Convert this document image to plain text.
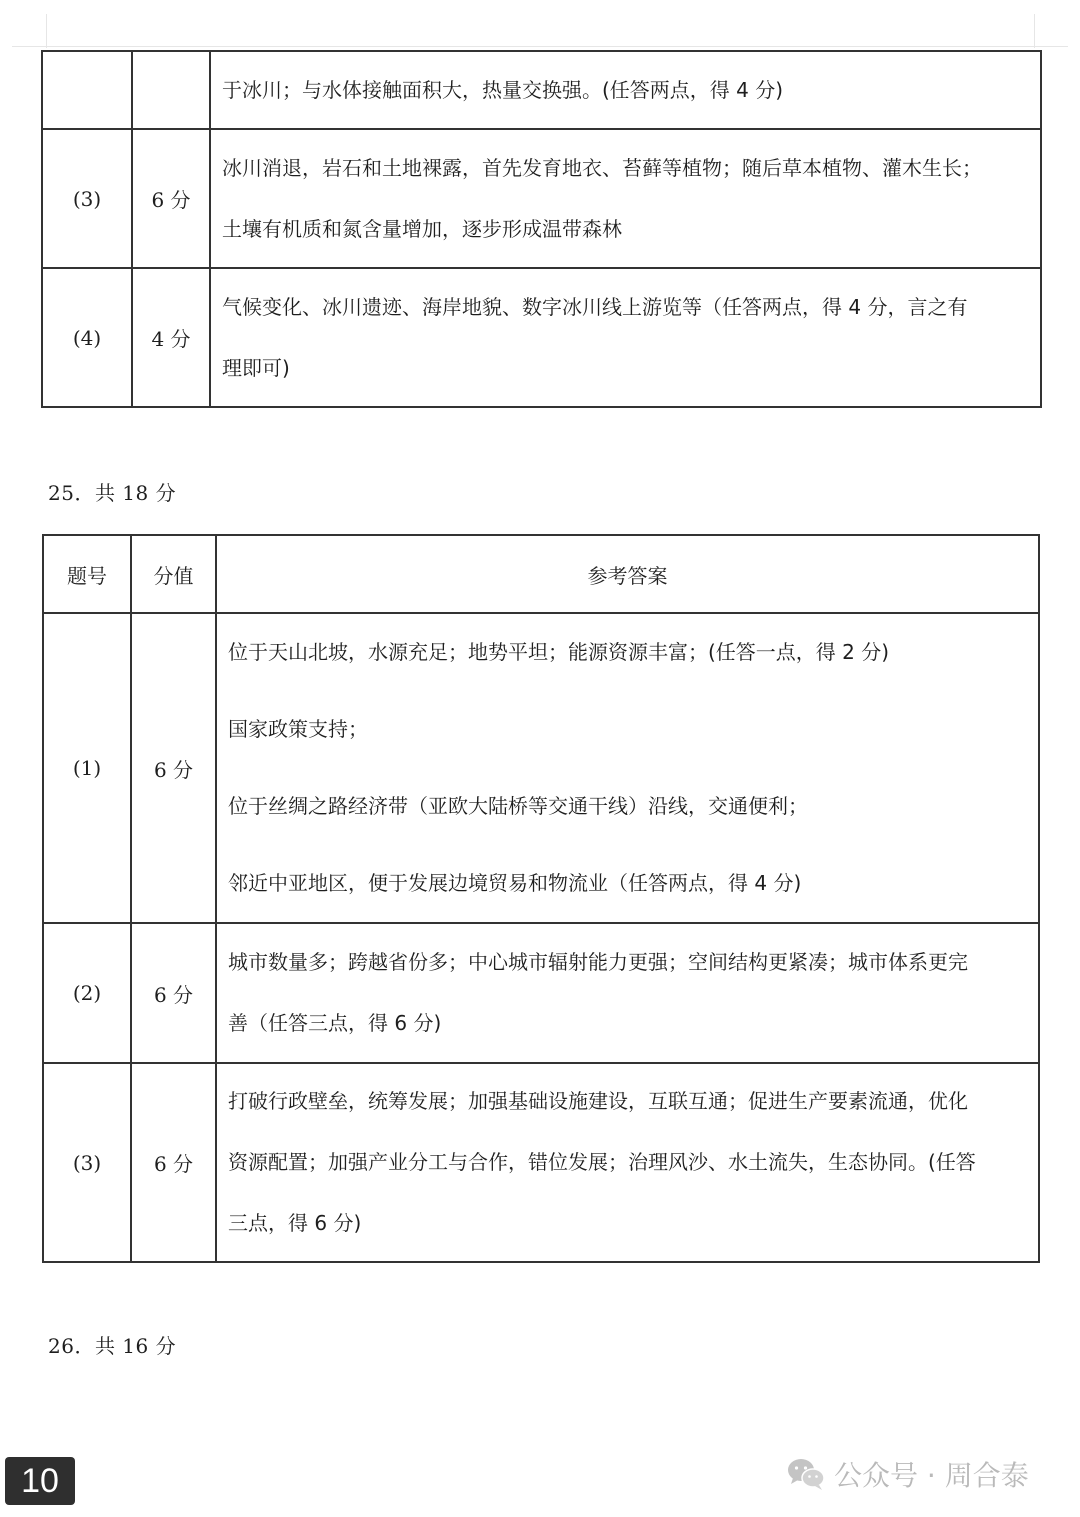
		于冰川；与水体接触面积大，热量交换强。(任答两点，得 4 分)

(3)	6 分	冰川消退，岩石和土地裸露，首先发育地衣、苔藓等植物；随后草本植物、灌木生长；
土壤有机质和氮含量增加，逐步形成温带森林

(4)	4 分	气候变化、冰川遗迹、海岸地貌、数字冰川线上游览等（任答两点，得 4 分，言之有
理即可)
25．共 18 分
题号	分值	参考答案
(1)	6 分	位于天山北坡，水源充足；地势平坦；能源资源丰富；(任答一点，得 2 分)
国家政策支持；
位于丝绸之路经济带（亚欧大陆桥等交通干线）沿线，交通便利；
邻近中亚地区，便于发展边境贸易和物流业（任答两点，得 4 分)

(2)	6 分	城市数量多；跨越省份多；中心城市辐射能力更强；空间结构更紧凑；城市体系更完
善（任答三点，得 6 分)

(3)	6 分	打破行政壁垒，统筹发展；加强基础设施建设，互联互通；促进生产要素流通，优化
资源配置；加强产业分工与合作，错位发展；治理风沙、水土流失，生态协同。(任答
三点，得 6 分)
26．共 16 分
10	公众号 · 周合泰
